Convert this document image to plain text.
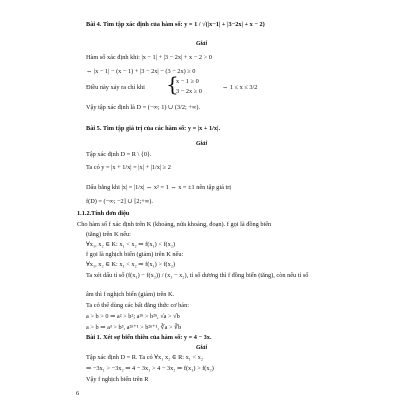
Bài 4. Tìm tập xác định của hàm số: y = 1 / √(|x−1| + |3−2x| + x − 2)
Giải
Hàm số xác định khi: |x − 1| + |3 − 2x| + x − 2 > 0
⇔ |x − 1| − (x − 1) + |3 − 2x| − (3 − 2x) ≥ 0
Điều này xảy ra chỉ khi {
x − 1 ≥ 0
3 − 2x ≥ 0
⇔ 1 ≤ x ≤ 3/2
Vậy tập xác định là D = (−∞; 1) ∪ (3/2; +∞).
Bài 5. Tìm tập giá trị của các hàm số: y = |x + 1/x|.
Giải
Tập xác định D = R \ {0}.
Ta có y = |x + 1/x| = |x| + |1/x| ≥ 2
Dấu bằng khi |x| = |1/x| ⇔ x² = 1 ⇔ x = ±1 nên tập giá trị
f(D) = (−∞; −2] ∪ [2;+∞).
1.1.2.Tính đơn điệu
Cho hàm số f xác định trên K (khoảng, nửa khoảng, đoạn). f gọi là đồng biến
(tăng) trên K nếu:
∀x₁, x₂ ∈ K: x₁ < x₂ ⇒ f(x₁) < f(x₂)
f gọi là nghịch biến (giảm) trên K nếu:
∀x₁, x₂ ∈ K: x₁ < x₂ ⇒ f(x₁) > f(x₂)
Ta xét dấu tỉ số (f(x₁) − f(x₂)) / (x₁ − x₂), tỉ số dương thì f đồng biến (tăng), còn nếu tỉ số
âm thì f nghịch biến (giảm) trên K.
Ta có thể dùng các bất đẳng thức cơ bản:
a > b > 0 ⇒ a² > b²; a²ⁿ > b²ⁿ, √a > √b
a > b ⇒ a³ > b³, a²ⁿ⁺¹ > b²ⁿ⁺¹, ∛a > ∛b
Bài 1. Xét sự biến thiên của hàm số: y = 4 − 3x.
Giải
Tập xác định D = R. Ta có ∀x₁ x₂ ∈ R: x₁ < x₂
⇒ −3x₁ > −3x₂ ⇒ 4 − 3x₁ > 4 − 3x₂ ⇒ f(x₁) > f(x₂)
Vậy f nghịch biến trên R
6
